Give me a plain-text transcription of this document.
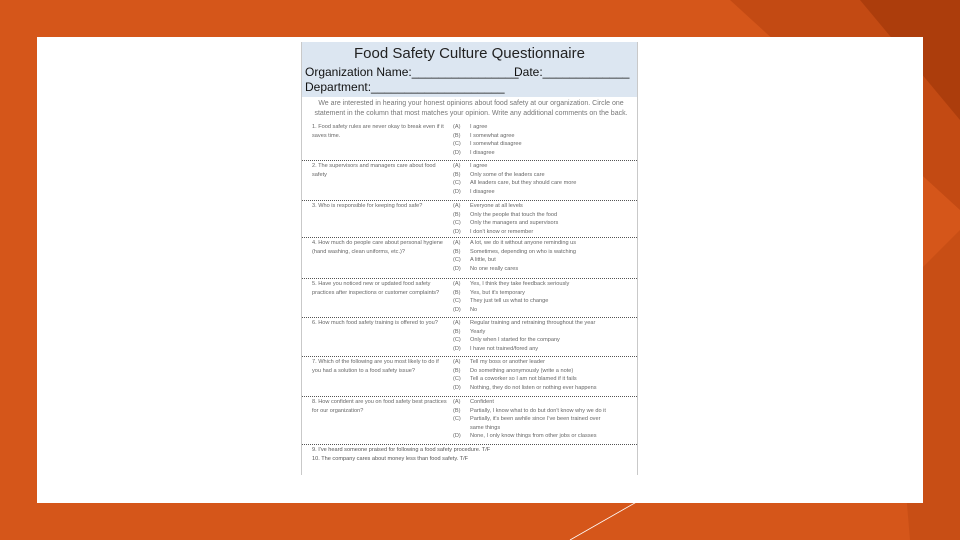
Food Safety Culture Questionnaire
Organization Name:________________
Date:_____________
Department:____________________
We are interested in hearing your honest opinions about food safety at our organization. Circle one statement in the column that most matches your opinion. Write any additional comments on the back.
1. Food safety rules are never okay to break even if it saves time.
(A)	I agree
(B)	I somewhat agree
(C)	I somewhat disagree
(D)	I disagree
2. The supervisors and managers care about food safety
(A)	I agree
(B)	Only some of the leaders care
(C)	All leaders care, but they should care more
(D)	I disagree
3. Who is responsible for keeping food safe?	(A)	Everyone at all levels
(B)	Only the people that touch the food
(C)	Only the managers and supervisors
(D)	I don't know or remember
4. How much do people care about personal hygiene (hand washing, clean uniforms, etc.)?
(A)	A lot, we do it without anyone reminding us
(B)	Sometimes, depending on who is watching
(C)	A little, but
(D)	No one really cares
5. Have you noticed new or updated food safety practices after inspections or customer complaints?
(A)	Yes, I think they take feedback seriously
(B)	Yes, but it's temporary
(C)	They just tell us what to change
(D)	No
6. How much food safety training is offered to you?	(A)	Regular training and retraining throughout the year
(B)	Yearly
(C)	Only when I started for the company
(D)	I have not trained/fored any
7. Which of the following are you most likely to do if you had a solution to a food safety issue?
(A)	Tell my boss or another leader
(B)	Do something anonymously (write a note)
(C)	Tell a coworker so I am not blamed if it fails
(D)	Nothing, they do not listen or nothing ever happens
8. How confident are you on food safety best practices for our organization?
(A)	Confident
(B)	Partially, I know what to do but don't know why we do it
(C)	Partially, it's been awhile since I've been trained over
same things
(D)	None, I only know things from other jobs or classes
9. I've heard someone praised for following a food safety procedure. T/F
10. The company cares about money less than food safety. T/F
